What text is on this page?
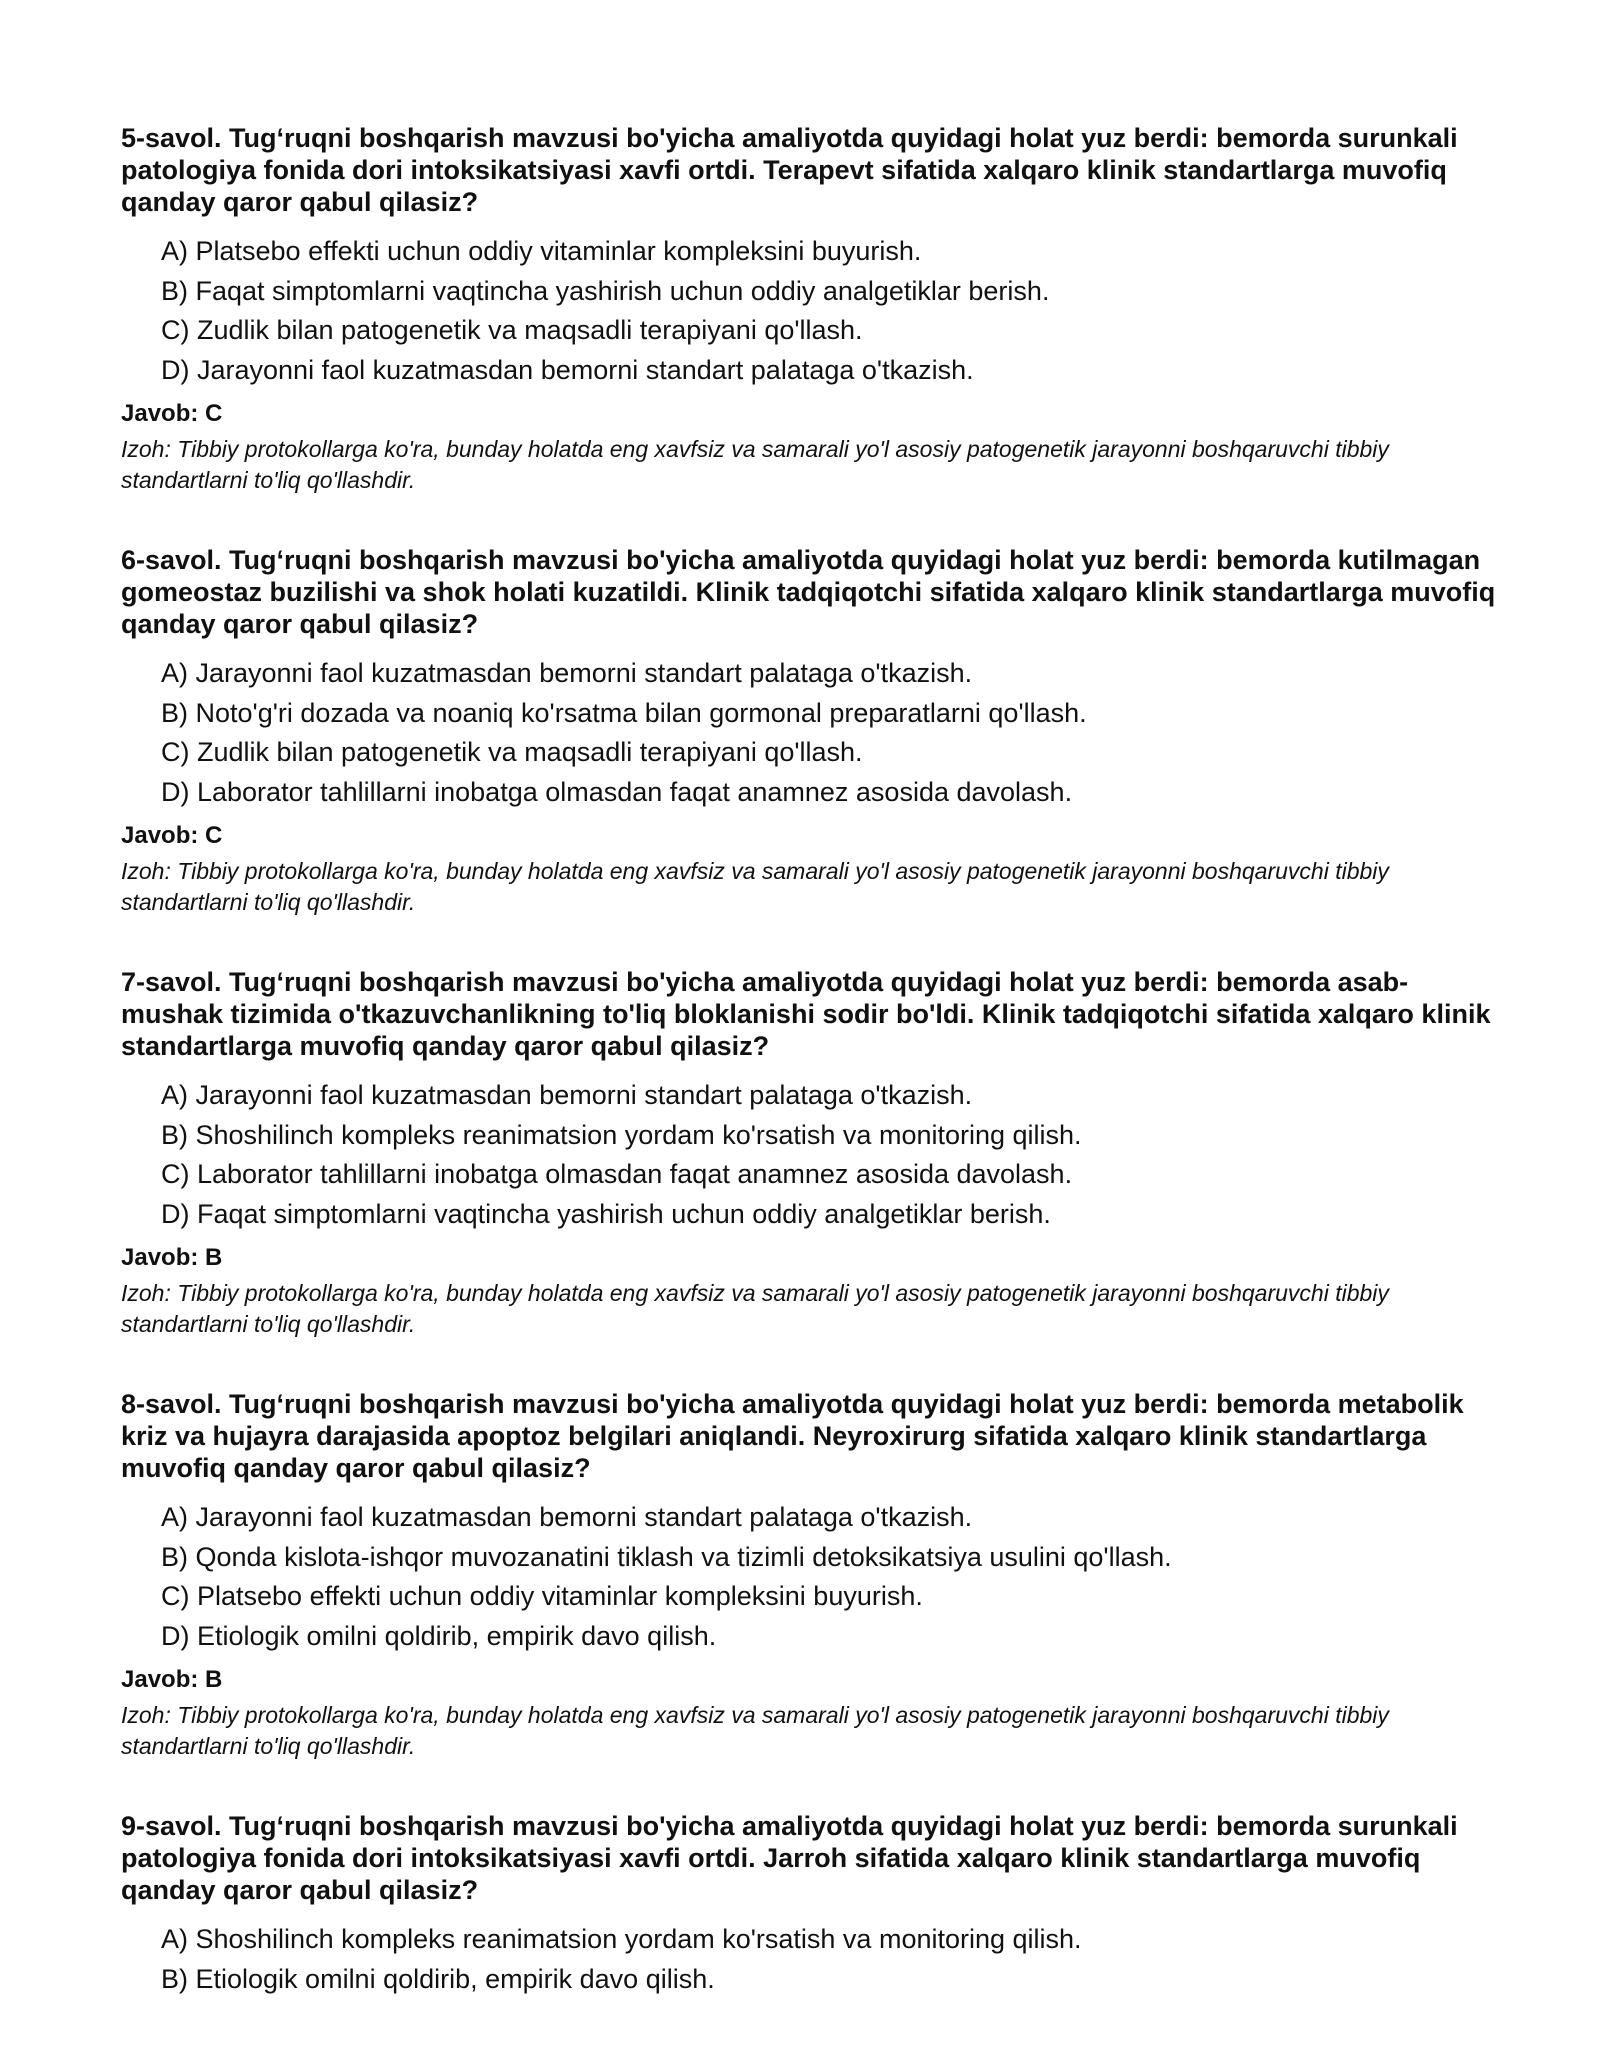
5-savol. Tug‘ruqni boshqarish mavzusi bo'yicha amaliyotda quyidagi holat yuz berdi: bemorda surunkali patologiya fonida dori intoksikatsiyasi xavfi ortdi. Terapevt sifatida xalqaro klinik standartlarga muvofiq qanday qaror qabul qilasiz?
A) Platsebo effekti uchun oddiy vitaminlar kompleksini buyurish.
B) Faqat simptomlarni vaqtincha yashirish uchun oddiy analgetiklar berish.
C) Zudlik bilan patogenetik va maqsadli terapiyani qo'llash.
D) Jarayonni faol kuzatmasdan bemorni standart palataga o'tkazish.
Javob: C
Izoh: Tibbiy protokollarga ko'ra, bunday holatda eng xavfsiz va samarali yo'l asosiy patogenetik jarayonni boshqaruvchi tibbiy standartlarni to'liq qo'llashdir.
6-savol. Tug‘ruqni boshqarish mavzusi bo'yicha amaliyotda quyidagi holat yuz berdi: bemorda kutilmagan gomeostaz buzilishi va shok holati kuzatildi. Klinik tadqiqotchi sifatida xalqaro klinik standartlarga muvofiq qanday qaror qabul qilasiz?
A) Jarayonni faol kuzatmasdan bemorni standart palataga o'tkazish.
B) Noto'g'ri dozada va noaniq ko'rsatma bilan gormonal preparatlarni qo'llash.
C) Zudlik bilan patogenetik va maqsadli terapiyani qo'llash.
D) Laborator tahlillarni inobatga olmasdan faqat anamnez asosida davolash.
Javob: C
Izoh: Tibbiy protokollarga ko'ra, bunday holatda eng xavfsiz va samarali yo'l asosiy patogenetik jarayonni boshqaruvchi tibbiy standartlarni to'liq qo'llashdir.
7-savol. Tug‘ruqni boshqarish mavzusi bo'yicha amaliyotda quyidagi holat yuz berdi: bemorda asab-mushak tizimida o'tkazuvchanlikning to'liq bloklanishi sodir bo'ldi. Klinik tadqiqotchi sifatida xalqaro klinik standartlarga muvofiq qanday qaror qabul qilasiz?
A) Jarayonni faol kuzatmasdan bemorni standart palataga o'tkazish.
B) Shoshilinch kompleks reanimatsion yordam ko'rsatish va monitoring qilish.
C) Laborator tahlillarni inobatga olmasdan faqat anamnez asosida davolash.
D) Faqat simptomlarni vaqtincha yashirish uchun oddiy analgetiklar berish.
Javob: B
Izoh: Tibbiy protokollarga ko'ra, bunday holatda eng xavfsiz va samarali yo'l asosiy patogenetik jarayonni boshqaruvchi tibbiy standartlarni to'liq qo'llashdir.
8-savol. Tug‘ruqni boshqarish mavzusi bo'yicha amaliyotda quyidagi holat yuz berdi: bemorda metabolik kriz va hujayra darajasida apoptoz belgilari aniqlandi. Neyroxirurg sifatida xalqaro klinik standartlarga muvofiq qanday qaror qabul qilasiz?
A) Jarayonni faol kuzatmasdan bemorni standart palataga o'tkazish.
B) Qonda kislota-ishqor muvozanatini tiklash va tizimli detoksikatsiya usulini qo'llash.
C) Platsebo effekti uchun oddiy vitaminlar kompleksini buyurish.
D) Etiologik omilni qoldirib, empirik davo qilish.
Javob: B
Izoh: Tibbiy protokollarga ko'ra, bunday holatda eng xavfsiz va samarali yo'l asosiy patogenetik jarayonni boshqaruvchi tibbiy standartlarni to'liq qo'llashdir.
9-savol. Tug‘ruqni boshqarish mavzusi bo'yicha amaliyotda quyidagi holat yuz berdi: bemorda surunkali patologiya fonida dori intoksikatsiyasi xavfi ortdi. Jarroh sifatida xalqaro klinik standartlarga muvofiq qanday qaror qabul qilasiz?
A) Shoshilinch kompleks reanimatsion yordam ko'rsatish va monitoring qilish.
B) Etiologik omilni qoldirib, empirik davo qilish.
